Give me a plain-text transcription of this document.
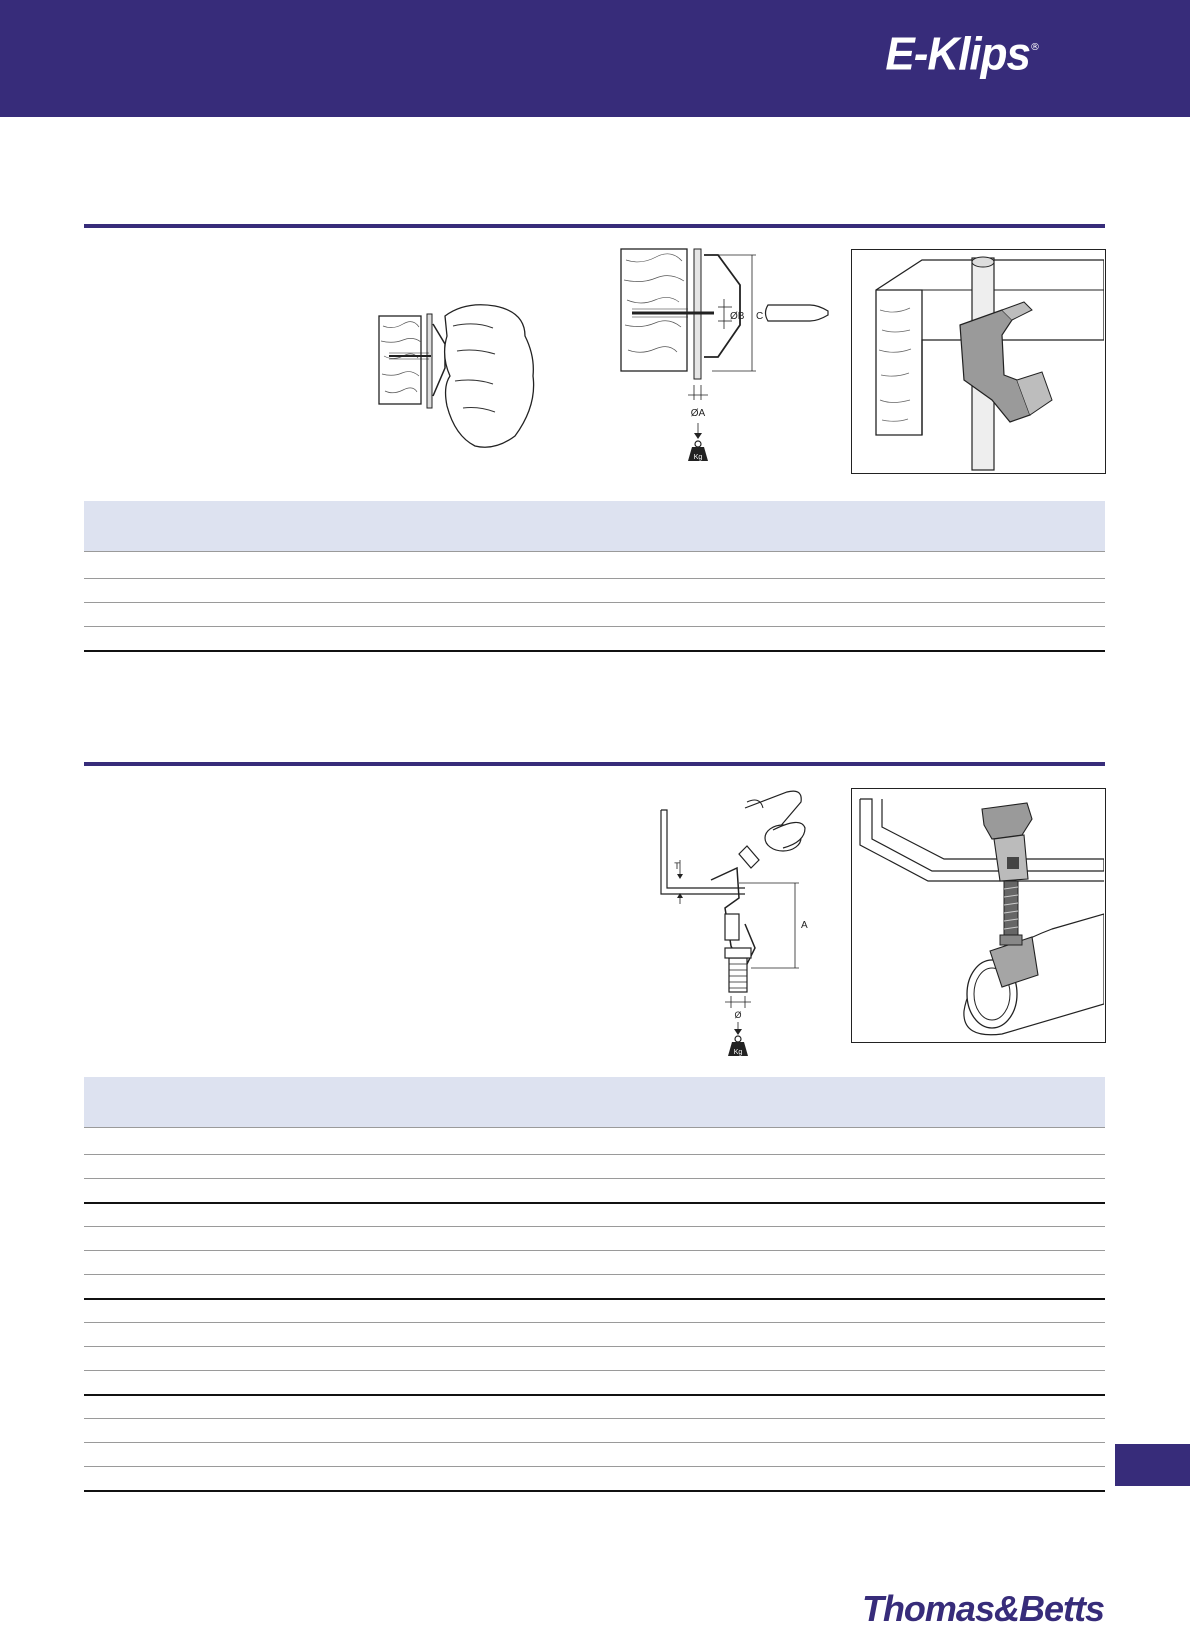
E-Klips ®
C
ØB
ØA
Kg
T
A
Ø
Kg
Thomas&Betts
